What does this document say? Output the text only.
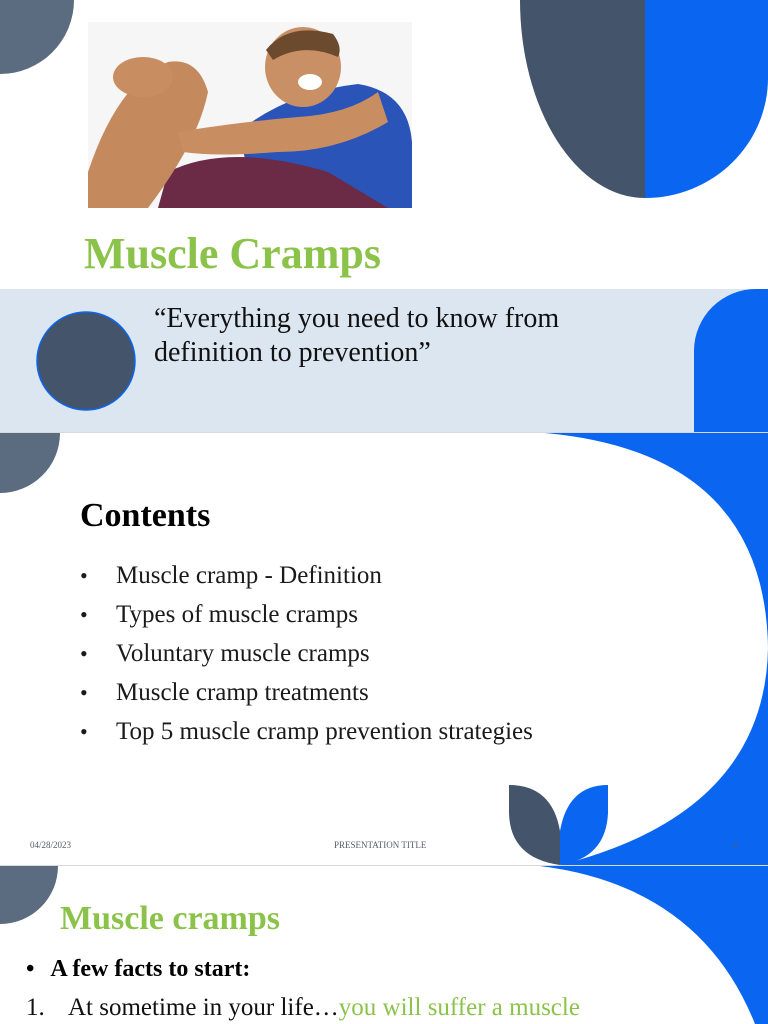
Muscle Cramps
“Everything you need to know from definition to prevention”
Contents
• Muscle cramp - Definition
• Types of muscle cramps
• Voluntary muscle cramps
• Muscle cramp treatments
• Top 5 muscle cramp prevention strategies
04/28/2023	PRESENTATION TITLE	2
Muscle cramps
• A few facts to start:
1. At sometime in your life…you will suffer a muscle
